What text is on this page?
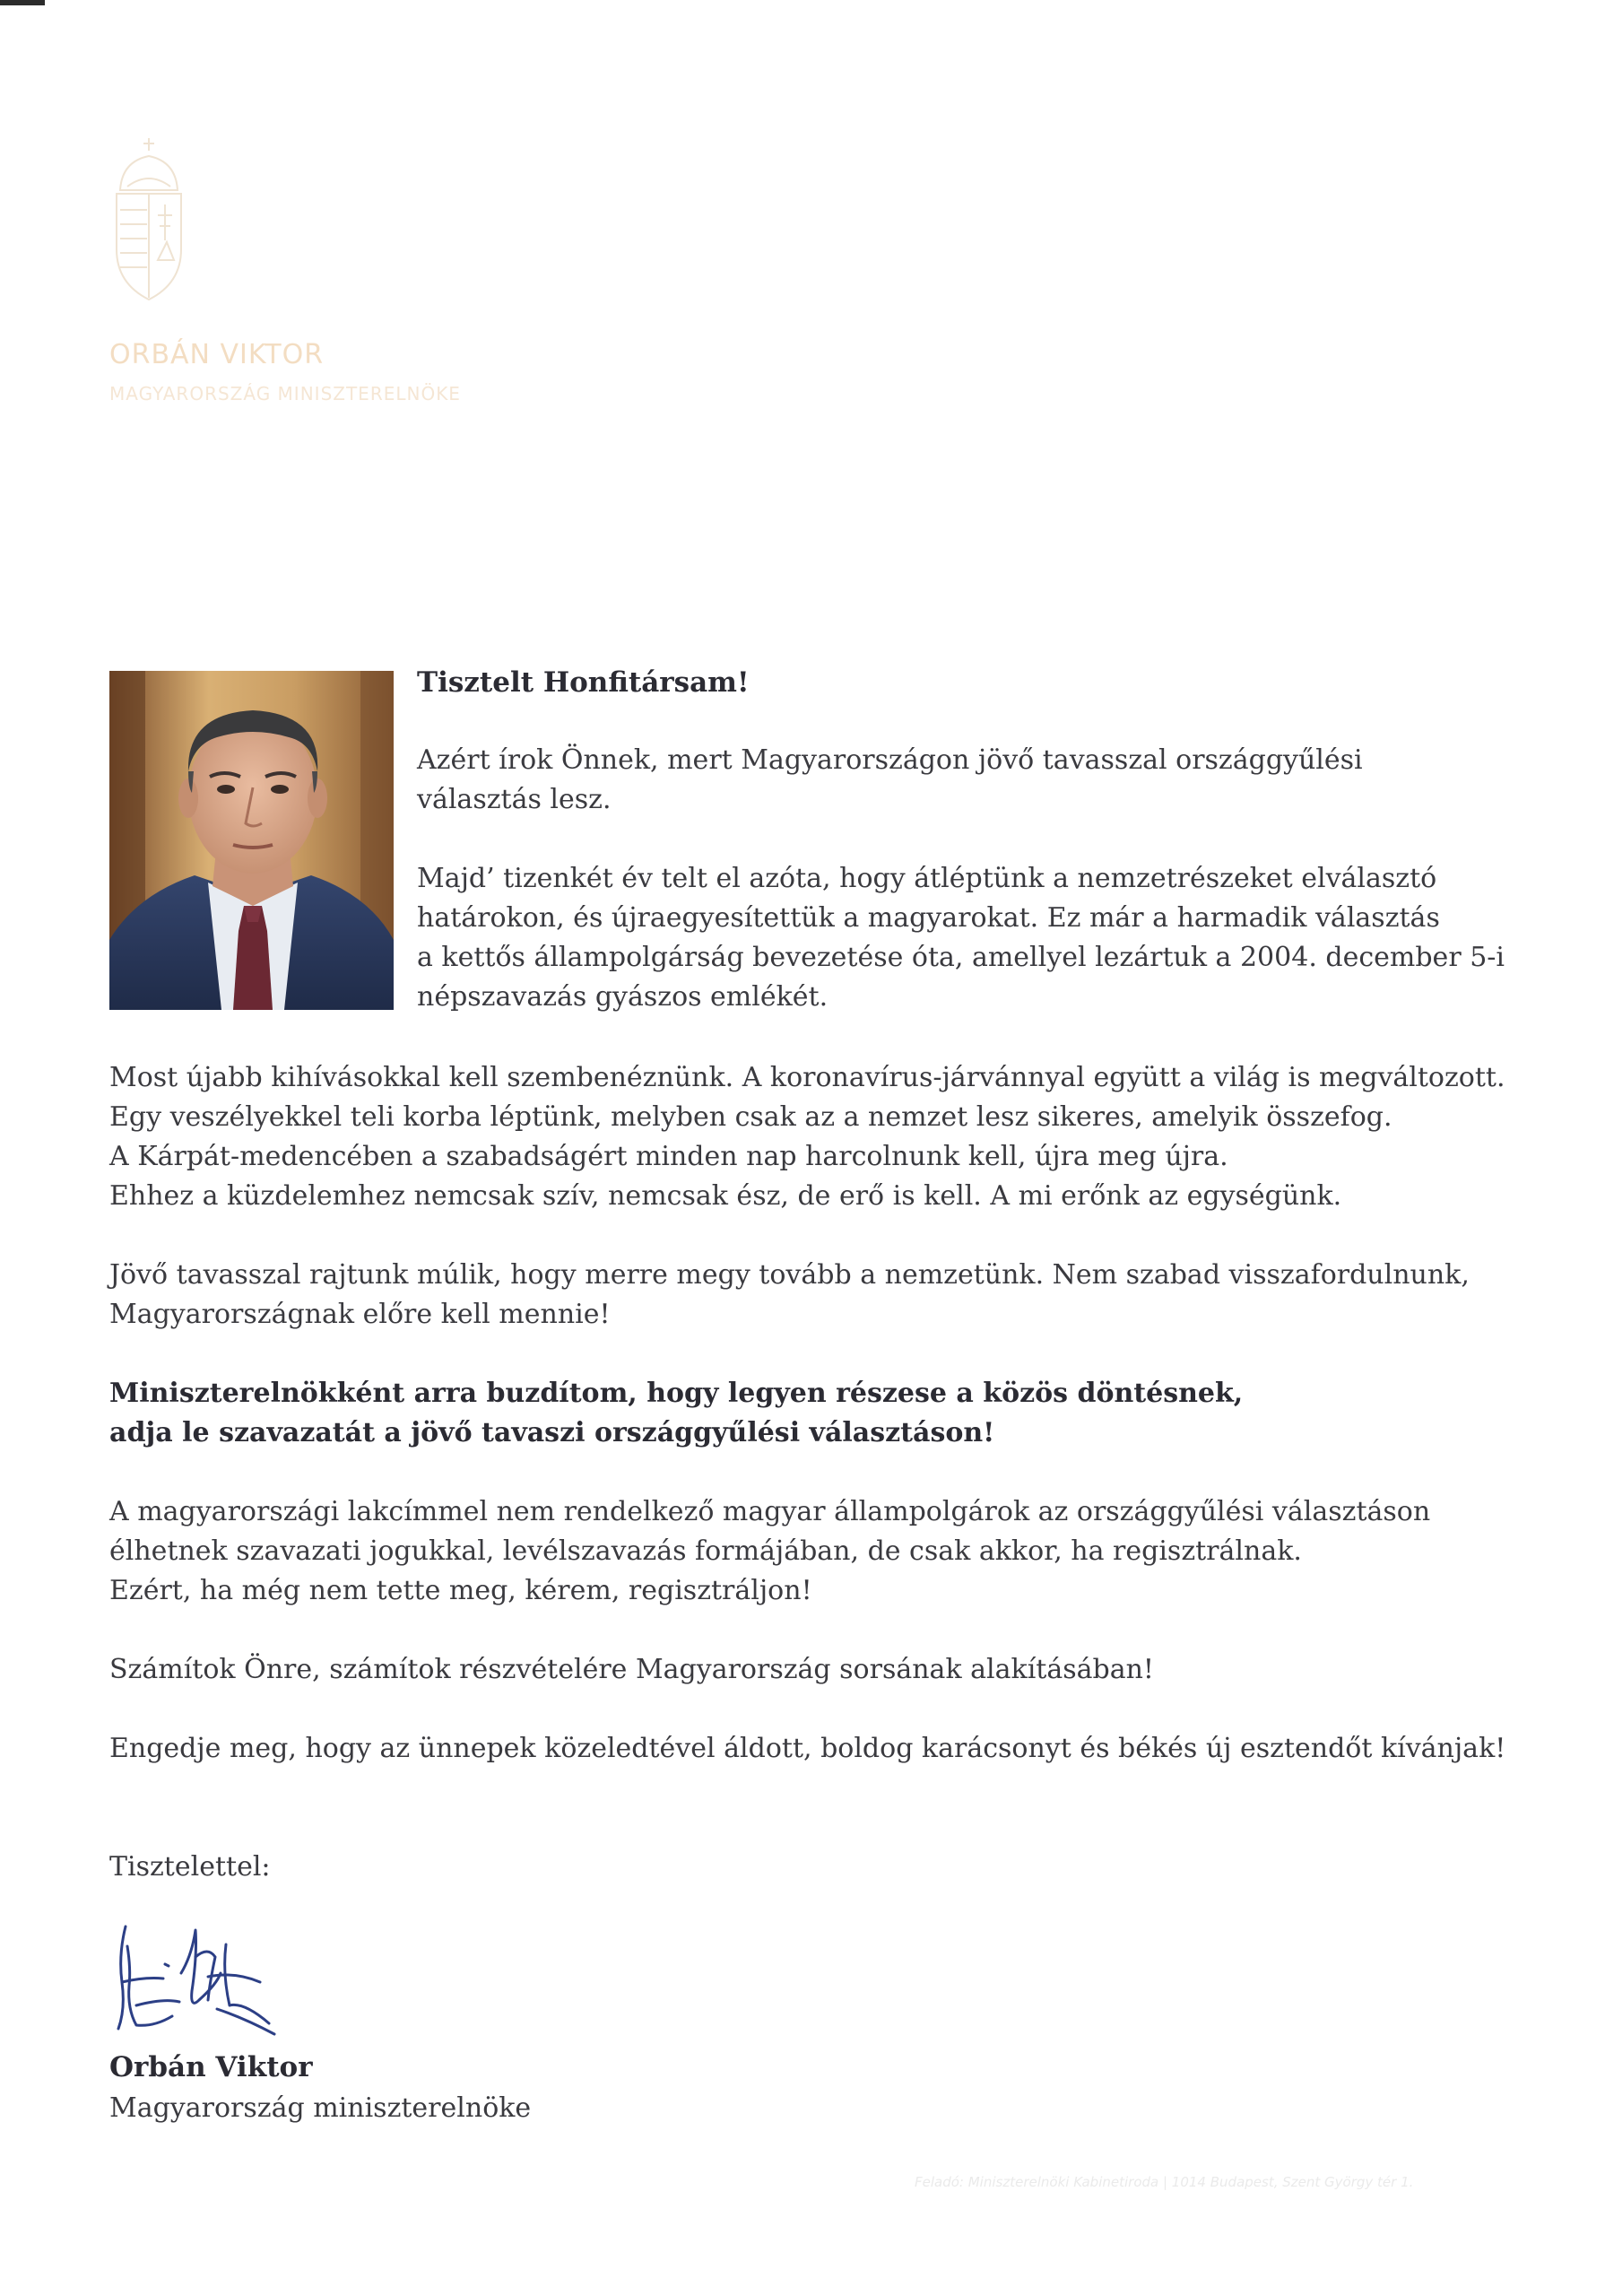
ORBÁN VIKTOR
MAGYARORSZÁG MINISZTERELNÖKE
Tisztelt Honfitársam!
Azért írok Önnek, mert Magyarországon jövő tavasszal országgyűlési
választás lesz.
Majd’ tizenkét év telt el azóta, hogy átléptünk a nemzetrészeket elválasztó
határokon, és újraegyesítettük a magyarokat. Ez már a harmadik választás
a kettős állampolgárság bevezetése óta, amellyel lezártuk a 2004. december 5-i
népszavazás gyászos emlékét.
Most újabb kihívásokkal kell szembenéznünk. A koronavírus-járvánnyal együtt a világ is megváltozott.
Egy veszélyekkel teli korba léptünk, melyben csak az a nemzet lesz sikeres, amelyik összefog.
A Kárpát-medencében a szabadságért minden nap harcolnunk kell, újra meg újra.
Ehhez a küzdelemhez nemcsak szív, nemcsak ész, de erő is kell. A mi erőnk az egységünk.
Jövő tavasszal rajtunk múlik, hogy merre megy tovább a nemzetünk. Nem szabad visszafordulnunk,
Magyarországnak előre kell mennie!
Miniszterelnökként arra buzdítom, hogy legyen részese a közös döntésnek,
adja le szavazatát a jövő tavaszi országgyűlési választáson!
A magyarországi lakcímmel nem rendelkező magyar állampolgárok az országgyűlési választáson
élhetnek szavazati jogukkal, levélszavazás formájában, de csak akkor, ha regisztrálnak.
Ezért, ha még nem tette meg, kérem, regisztráljon!
Számítok Önre, számítok részvételére Magyarország sorsának alakításában!
Engedje meg, hogy az ünnepek közeledtével áldott, boldog karácsonyt és békés új esztendőt kívánjak!
Tisztelettel:
Orbán Viktor
Magyarország miniszterelnöke
Feladó: Miniszterelnöki Kabinetiroda | 1014 Budapest, Szent György tér 1.
